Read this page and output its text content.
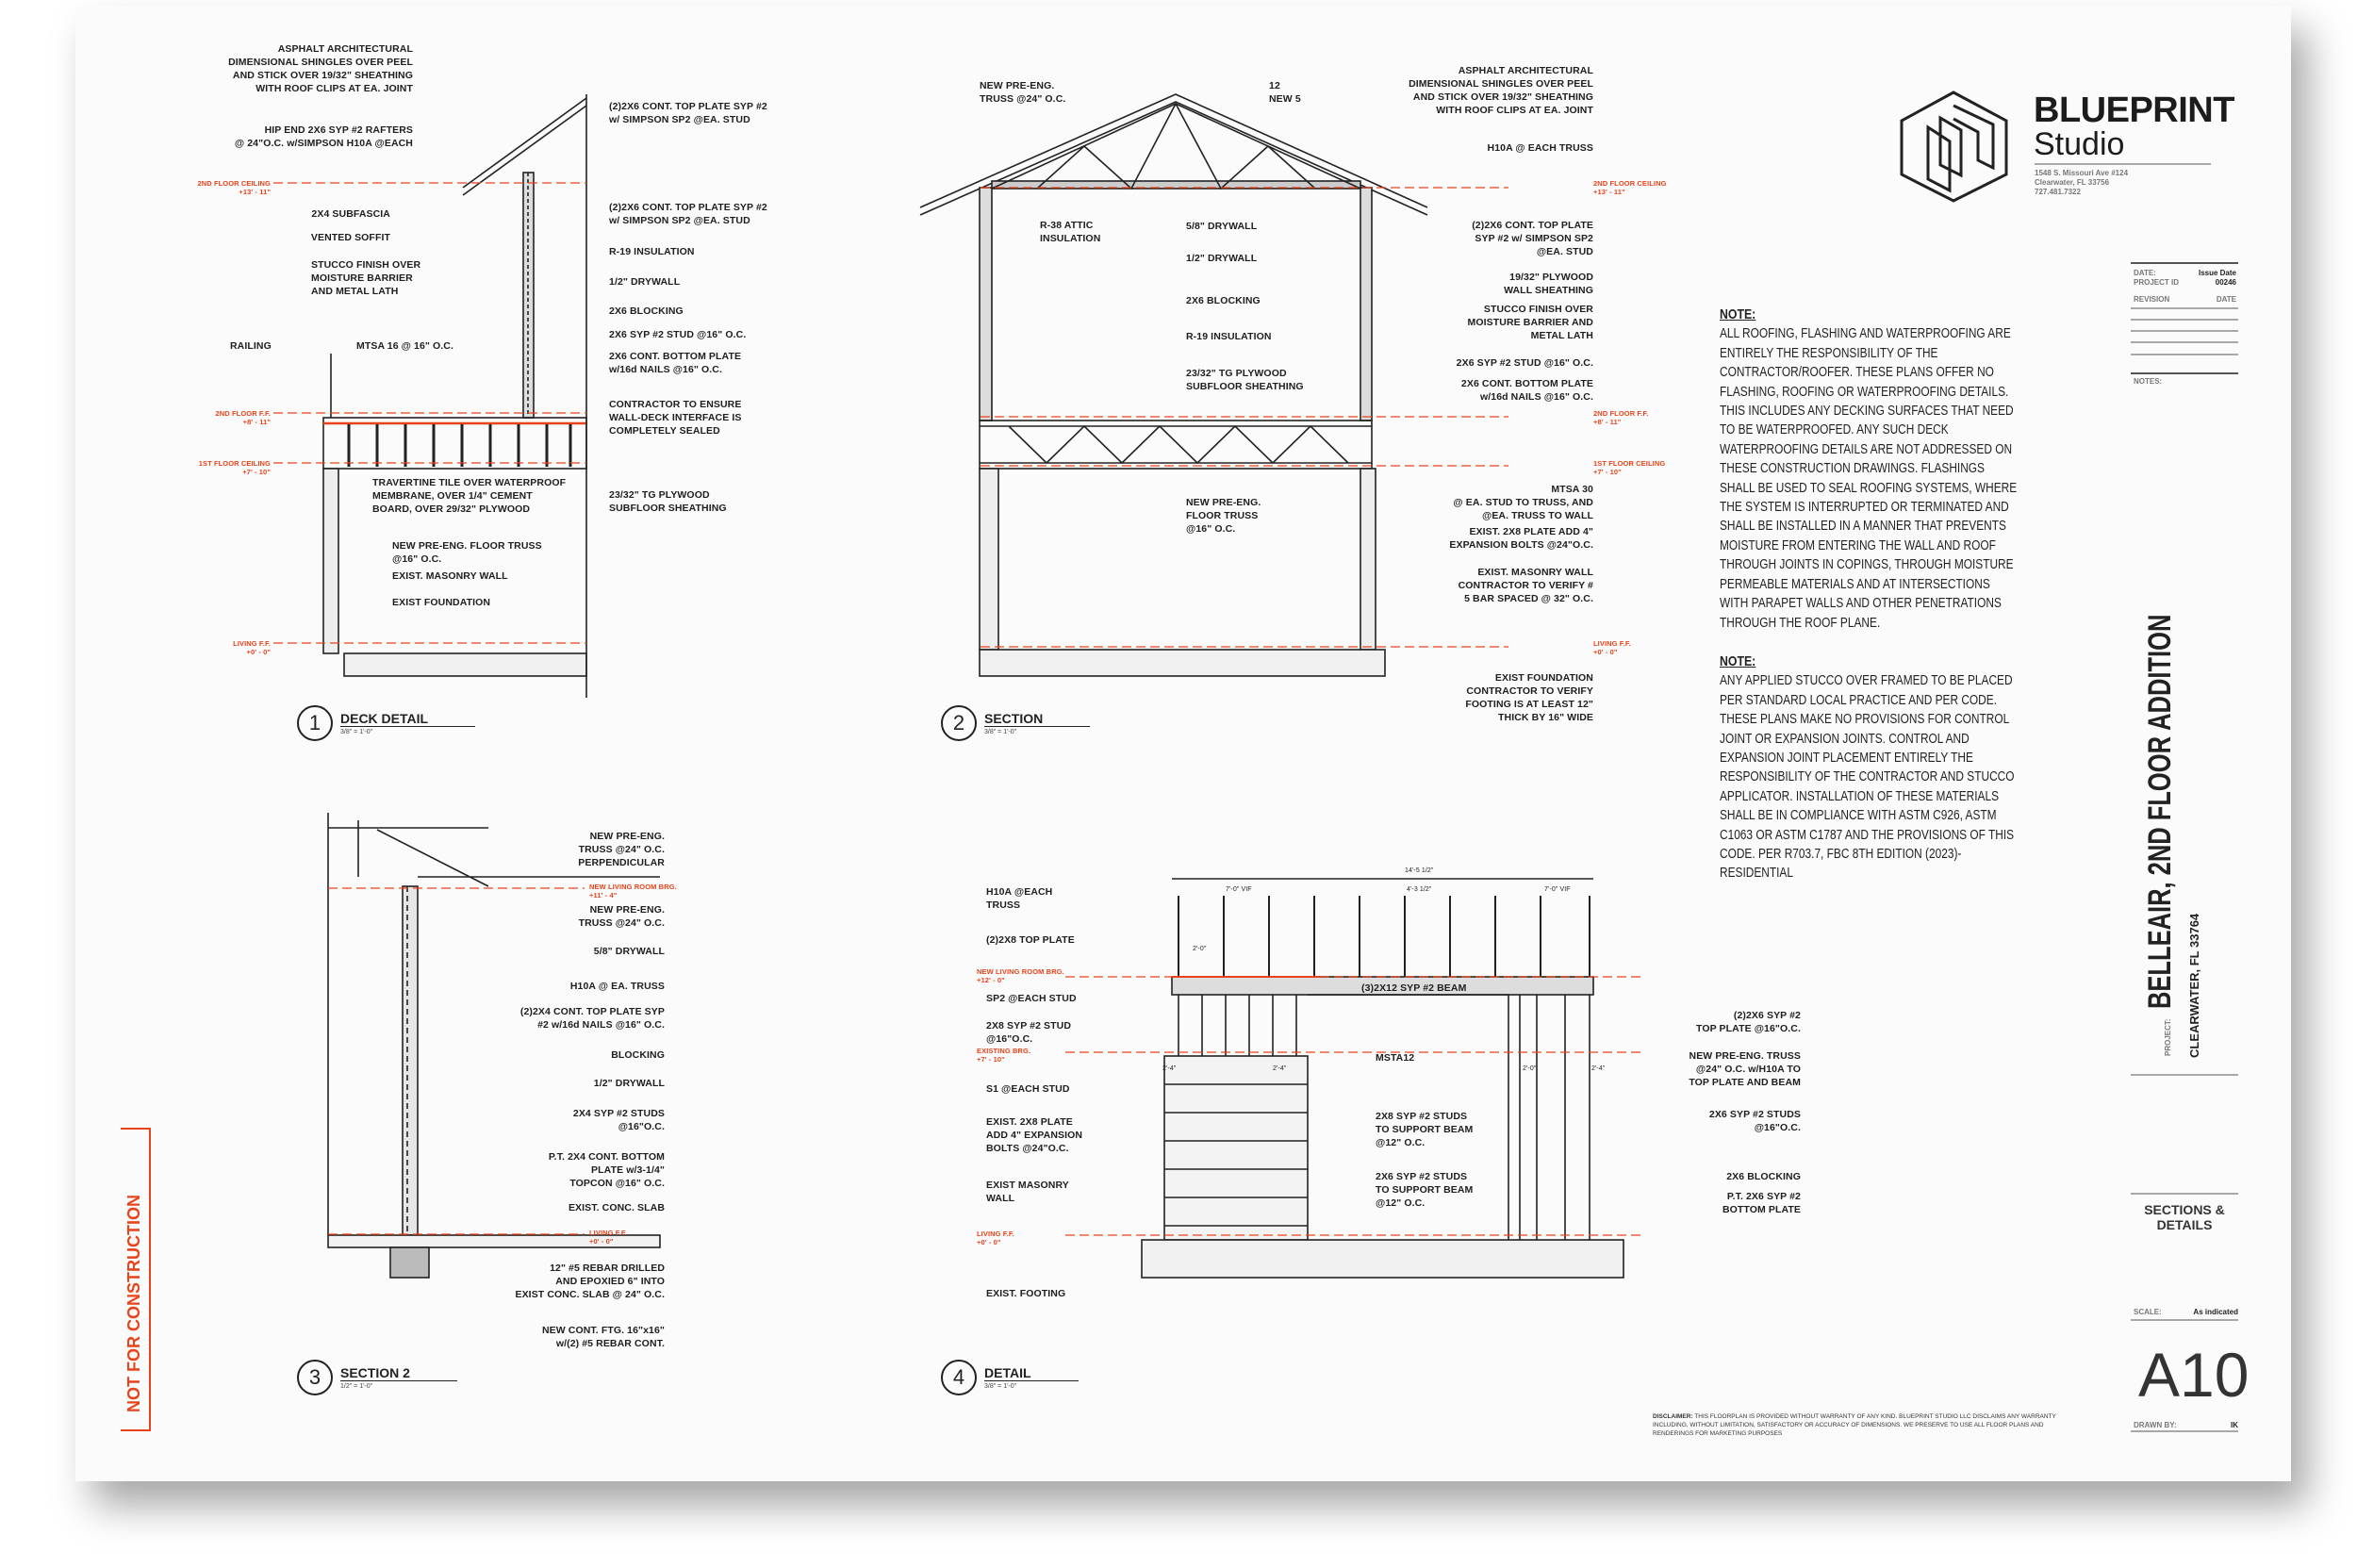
ASPHALT ARCHITECTURAL
DIMENSIONAL SHINGLES OVER PEEL
AND STICK OVER 19/32" SHEATHING
WITH ROOF CLIPS AT EA. JOINT
HIP END 2X6 SYP #2 RAFTERS
@ 24"O.C. w/SIMPSON H10A @EACH
2X4 SUBFASCIA
VENTED SOFFIT
STUCCO FINISH OVER
MOISTURE BARRIER
AND METAL LATH
RAILING	MTSA 16 @ 16" O.C.
(2)2X6 CONT. TOP PLATE SYP #2
w/ SIMPSON SP2 @EA. STUD
(2)2X6 CONT. TOP PLATE SYP #2
w/ SIMPSON SP2 @EA. STUD
R-19 INSULATION
1/2" DRYWALL
2X6 BLOCKING
2X6 SYP #2 STUD @16" O.C.
2X6 CONT. BOTTOM PLATE
w/16d NAILS @16" O.C.
CONTRACTOR TO ENSURE
WALL-DECK INTERFACE IS
COMPLETELY SEALED
23/32" TG PLYWOOD
SUBFLOOR SHEATHING
TRAVERTINE TILE OVER WATERPROOF
MEMBRANE, OVER 1/4" CEMENT
BOARD, OVER 29/32" PLYWOOD
NEW PRE-ENG. FLOOR TRUSS
@16" O.C.
EXIST. MASONRY WALL
EXIST FOUNDATION
2ND FLOOR CEILING
+13' - 11"
2ND FLOOR F.F.
+8' - 11"
1ST FLOOR CEILING
+7' - 10"
LIVING F.F.
+0' - 0"
NEW PRE-ENG.
TRUSS @24" O.C.
12
NEW 5
ASPHALT ARCHITECTURAL
DIMENSIONAL SHINGLES OVER PEEL
AND STICK OVER 19/32" SHEATHING
WITH ROOF CLIPS AT EA. JOINT
H10A @ EACH TRUSS
(2)2X6 CONT. TOP PLATE
SYP #2 w/ SIMPSON SP2
@EA. STUD
19/32" PLYWOOD
WALL SHEATHING
STUCCO FINISH OVER
MOISTURE BARRIER AND
METAL LATH
2X6 SYP #2 STUD @16" O.C.
2X6 CONT. BOTTOM PLATE
w/16d NAILS @16" O.C.
MTSA 30
@ EA. STUD TO TRUSS, AND
@EA. TRUSS TO WALL
EXIST. 2X8 PLATE ADD 4"
EXPANSION BOLTS @24"O.C.
EXIST. MASONRY WALL
CONTRACTOR TO VERIFY #
5 BAR SPACED @ 32" O.C.
EXIST FOUNDATION
CONTRACTOR TO VERIFY
FOOTING IS AT LEAST 12"
THICK BY 16" WIDE
R-38 ATTIC
INSULATION
5/8" DRYWALL
1/2" DRYWALL
2X6 BLOCKING
R-19 INSULATION
23/32" TG PLYWOOD
SUBFLOOR SHEATHING
NEW PRE-ENG.
FLOOR TRUSS
@16" O.C.
2ND FLOOR CEILING
+13' - 11"
2ND FLOOR F.F.
+8' - 11"
1ST FLOOR CEILING
+7' - 10"
LIVING F.F.
+0' - 0"
NEW PRE-ENG.
TRUSS @24" O.C.
PERPENDICULAR
NEW PRE-ENG.
TRUSS @24" O.C.
5/8" DRYWALL
H10A @ EA. TRUSS
(2)2X4 CONT. TOP PLATE SYP
#2 w/16d NAILS @16" O.C.
BLOCKING
1/2" DRYWALL
2X4 SYP #2 STUDS
@16"O.C.
P.T. 2X4 CONT. BOTTOM
PLATE w/3-1/4"
TOPCON @16" O.C.
EXIST. CONC. SLAB
12" #5 REBAR DRILLED
AND EPOXIED 6" INTO
EXIST CONC. SLAB @ 24" O.C.
NEW CONT. FTG. 16"x16"
w/(2) #5 REBAR CONT.
NEW LIVING ROOM BRG.
+11' - 4"
LIVING F.F.
+0' - 0"
H10A @EACH
TRUSS
(2)2X8 TOP PLATE
SP2 @EACH STUD
2X8 SYP #2 STUD
@16"O.C.
S1 @EACH STUD
EXIST. 2X8 PLATE
ADD 4" EXPANSION
BOLTS @24"O.C.
EXIST MASONRY
WALL
EXIST. FOOTING
(3)2X12 SYP #2 BEAM
MSTA12
2X8 SYP #2 STUDS
TO SUPPORT BEAM
@12" O.C.
2X6 SYP #2 STUDS
TO SUPPORT BEAM
@12" O.C.
(2)2X6 SYP #2
TOP PLATE @16"O.C.
NEW PRE-ENG. TRUSS
@24" O.C. w/H10A TO
TOP PLATE AND BEAM
2X6 SYP #2 STUDS
@16"O.C.
2X6 BLOCKING
P.T. 2X6 SYP #2
BOTTOM PLATE
NEW LIVING ROOM BRG.
+12' - 0"
EXISTING BRG.
+7' - 10"
LIVING F.F.
+0' - 0"
14'-5 1/2"
7'-0" VIF	4'-3 1/2"	7'-0" VIF
2'-0"
2'-4"	2'-4"	2'-0"	2'-4"
1	DECK DETAIL
3/8" = 1'-0"	2	SECTION
3/8" = 1'-0"
3	SECTION 2
1/2" = 1'-0"	4	DETAIL
3/8" = 1'-0"
NOTE:
ALL ROOFING, FLASHING AND WATERPROOFING ARE ENTIRELY THE RESPONSIBILITY OF THE CONTRACTOR/ROOFER. THESE PLANS OFFER NO FLASHING, ROOFING OR WATERPROOFING DETAILS. THIS INCLUDES ANY DECKING SURFACES THAT NEED TO BE WATERPROOFED. ANY SUCH DECK WATERPROOFING DETAILS ARE NOT ADDRESSED ON THESE CONSTRUCTION DRAWINGS. FLASHINGS SHALL BE USED TO SEAL ROOFING SYSTEMS, WHERE THE SYSTEM IS INTERRUPTED OR TERMINATED AND SHALL BE INSTALLED IN A MANNER THAT PREVENTS MOISTURE FROM ENTERING THE WALL AND ROOF THROUGH JOINTS IN COPINGS, THROUGH MOISTURE PERMEABLE MATERIALS AND AT INTERSECTIONS WITH PARAPET WALLS AND OTHER PENETRATIONS THROUGH THE ROOF PLANE.
NOTE:
ANY APPLIED STUCCO OVER FRAMED TO BE PLACED PER STANDARD LOCAL PRACTICE AND PER CODE. THESE PLANS MAKE NO PROVISIONS FOR CONTROL JOINT OR EXPANSION JOINTS. CONTROL AND EXPANSION JOINT PLACEMENT ENTIRELY THE RESPONSIBILITY OF THE CONTRACTOR AND STUCCO APPLICATOR. INSTALLATION OF THESE MATERIALS SHALL BE IN COMPLIANCE WITH ASTM C926, ASTM C1063 OR ASTM C1787 AND THE PROVISIONS OF THIS CODE. PER R703.7, FBC 8TH EDITION (2023)-RESIDENTIAL
BLUEPRINT
Studio
1548 S. Missouri Ave #124
Clearwater, FL 33756
727.481.7322
DATE:	Issue Date
PROJECT ID	00246
REVISION	DATE
NOTES:
PROJECT:
BELLEAIR, 2ND FLOOR ADDITION CLEARWATER, FL 33764
SECTIONS &
DETAILS
SCALE:	As indicated
A10
DRAWN BY:	IK
DISCLAIMER: THIS FLOORPLAN IS PROVIDED WITHOUT WARRANTY OF ANY KIND. BLUEPRINT STUDIO LLC DISCLAIMS ANY WARRANTY INCLUDING, WITHOUT LIMITATION, SATISFACTORY OR ACCURACY OF DIMENSIONS. WE PRESERVE TO USE ALL FLOOR PLANS AND RENDERINGS FOR MARKETING PURPOSES
NOT FOR CONSTRUCTION
